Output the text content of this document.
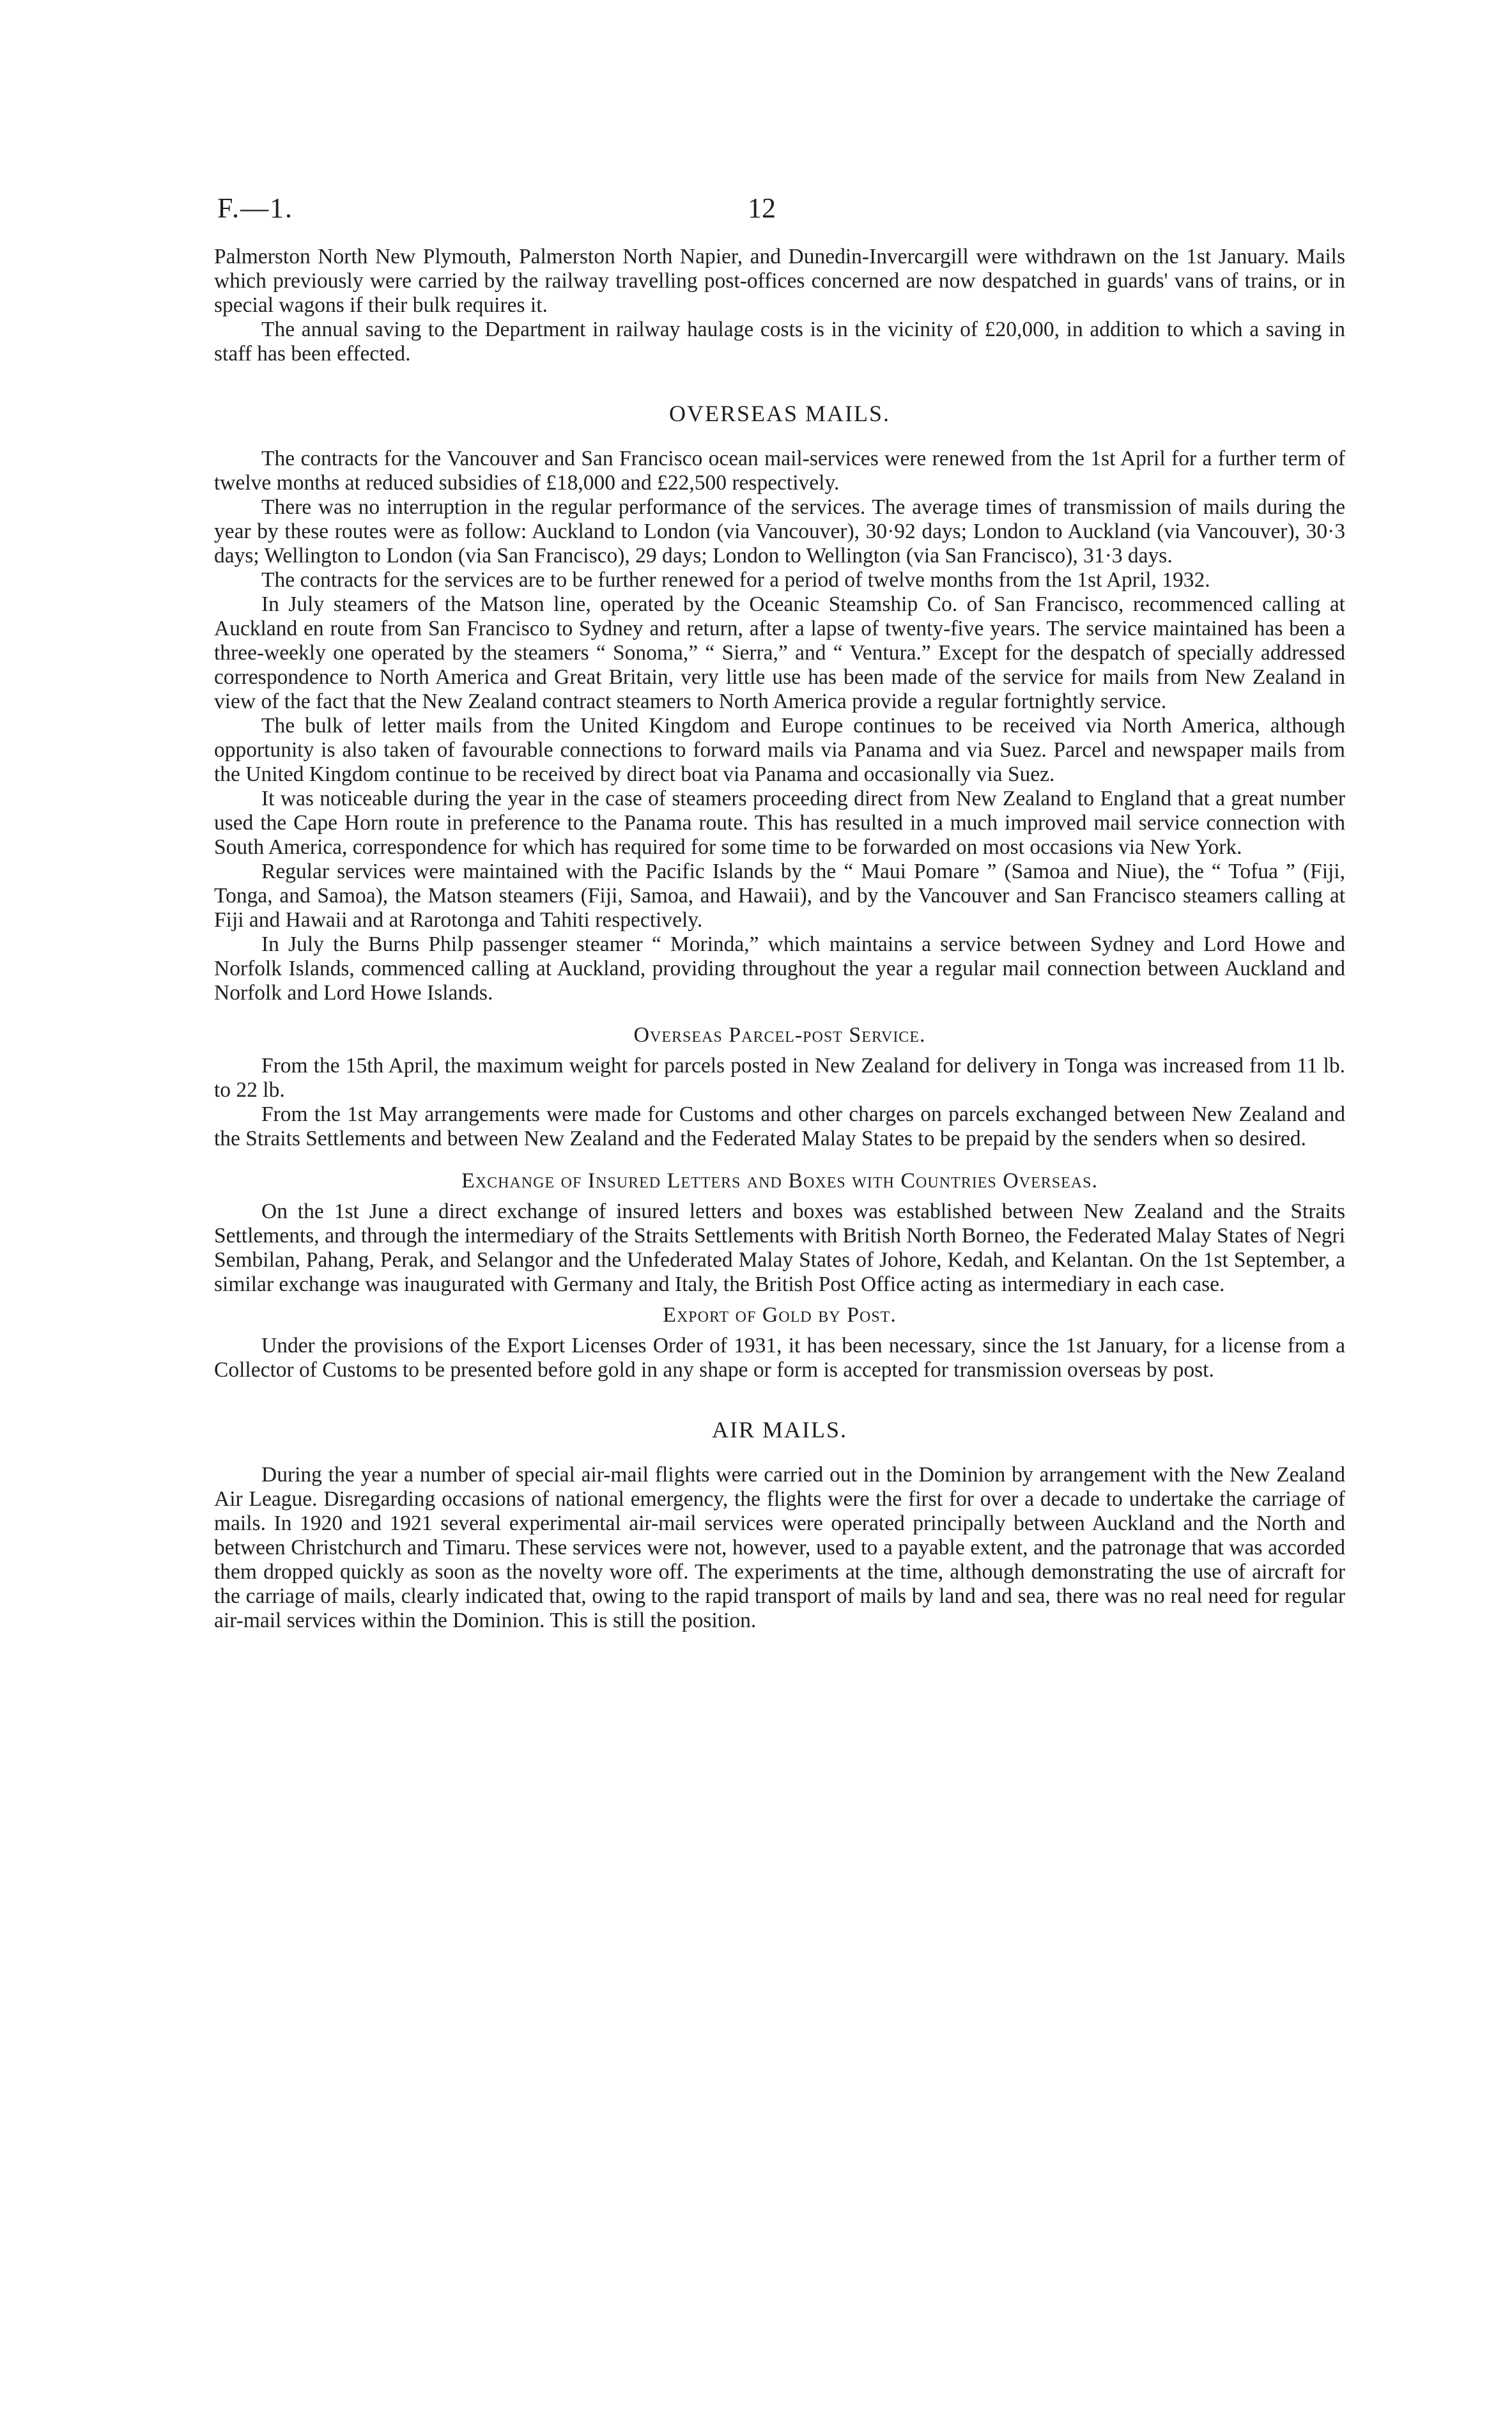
F.—1.	12

Palmerston North New Plymouth, Palmerston North Napier, and Dunedin-Invercargill were withdrawn on the 1st January. Mails which previously were carried by the railway travelling post-offices concerned are now despatched in guards' vans of trains, or in special wagons if their bulk requires it.

The annual saving to the Department in railway haulage costs is in the vicinity of £20,000, in addition to which a saving in staff has been effected.

OVERSEAS MAILS.

The contracts for the Vancouver and San Francisco ocean mail-services were renewed from the 1st April for a further term of twelve months at reduced subsidies of £18,000 and £22,500 respectively.

There was no interruption in the regular performance of the services. The average times of transmission of mails during the year by these routes were as follow: Auckland to London (via Vancouver), 30·92 days; London to Auckland (via Vancouver), 30·3 days; Wellington to London (via San Francisco), 29 days; London to Wellington (via San Francisco), 31·3 days.

The contracts for the services are to be further renewed for a period of twelve months from the 1st April, 1932.

In July steamers of the Matson line, operated by the Oceanic Steamship Co. of San Francisco, recommenced calling at Auckland en route from San Francisco to Sydney and return, after a lapse of twenty-five years. The service maintained has been a three-weekly one operated by the steamers “ Sonoma,” “ Sierra,” and “ Ventura.” Except for the despatch of specially addressed correspondence to North America and Great Britain, very little use has been made of the service for mails from New Zealand in view of the fact that the New Zealand contract steamers to North America provide a regular fortnightly service.

The bulk of letter mails from the United Kingdom and Europe continues to be received via North America, although opportunity is also taken of favourable connections to forward mails via Panama and via Suez. Parcel and newspaper mails from the United Kingdom continue to be received by direct boat via Panama and occasionally via Suez.

It was noticeable during the year in the case of steamers proceeding direct from New Zealand to England that a great number used the Cape Horn route in preference to the Panama route. This has resulted in a much improved mail service connection with South America, correspondence for which has required for some time to be forwarded on most occasions via New York.

Regular services were maintained with the Pacific Islands by the “ Maui Pomare ” (Samoa and Niue), the “ Tofua ” (Fiji, Tonga, and Samoa), the Matson steamers (Fiji, Samoa, and Hawaii), and by the Vancouver and San Francisco steamers calling at Fiji and Hawaii and at Rarotonga and Tahiti respectively.

In July the Burns Philp passenger steamer “ Morinda,” which maintains a service between Sydney and Lord Howe and Norfolk Islands, commenced calling at Auckland, providing throughout the year a regular mail connection between Auckland and Norfolk and Lord Howe Islands.

Overseas Parcel-post Service.

From the 15th April, the maximum weight for parcels posted in New Zealand for delivery in Tonga was increased from 11 lb. to 22 lb.

From the 1st May arrangements were made for Customs and other charges on parcels exchanged between New Zealand and the Straits Settlements and between New Zealand and the Federated Malay States to be prepaid by the senders when so desired.

Exchange of Insured Letters and Boxes with Countries Overseas.

On the 1st June a direct exchange of insured letters and boxes was established between New Zealand and the Straits Settlements, and through the intermediary of the Straits Settlements with British North Borneo, the Federated Malay States of Negri Sembilan, Pahang, Perak, and Selangor and the Unfederated Malay States of Johore, Kedah, and Kelantan. On the 1st September, a similar exchange was inaugurated with Germany and Italy, the British Post Office acting as intermediary in each case.

Export of Gold by Post.

Under the provisions of the Export Licenses Order of 1931, it has been necessary, since the 1st January, for a license from a Collector of Customs to be presented before gold in any shape or form is accepted for transmission overseas by post.

AIR MAILS.

During the year a number of special air-mail flights were carried out in the Dominion by arrangement with the New Zealand Air League. Disregarding occasions of national emergency, the flights were the first for over a decade to undertake the carriage of mails. In 1920 and 1921 several experimental air-mail services were operated principally between Auckland and the North and between Christchurch and Timaru. These services were not, however, used to a payable extent, and the patronage that was accorded them dropped quickly as soon as the novelty wore off. The experiments at the time, although demonstrating the use of aircraft for the carriage of mails, clearly indicated that, owing to the rapid transport of mails by land and sea, there was no real need for regular air-mail services within the Dominion. This is still the position.
